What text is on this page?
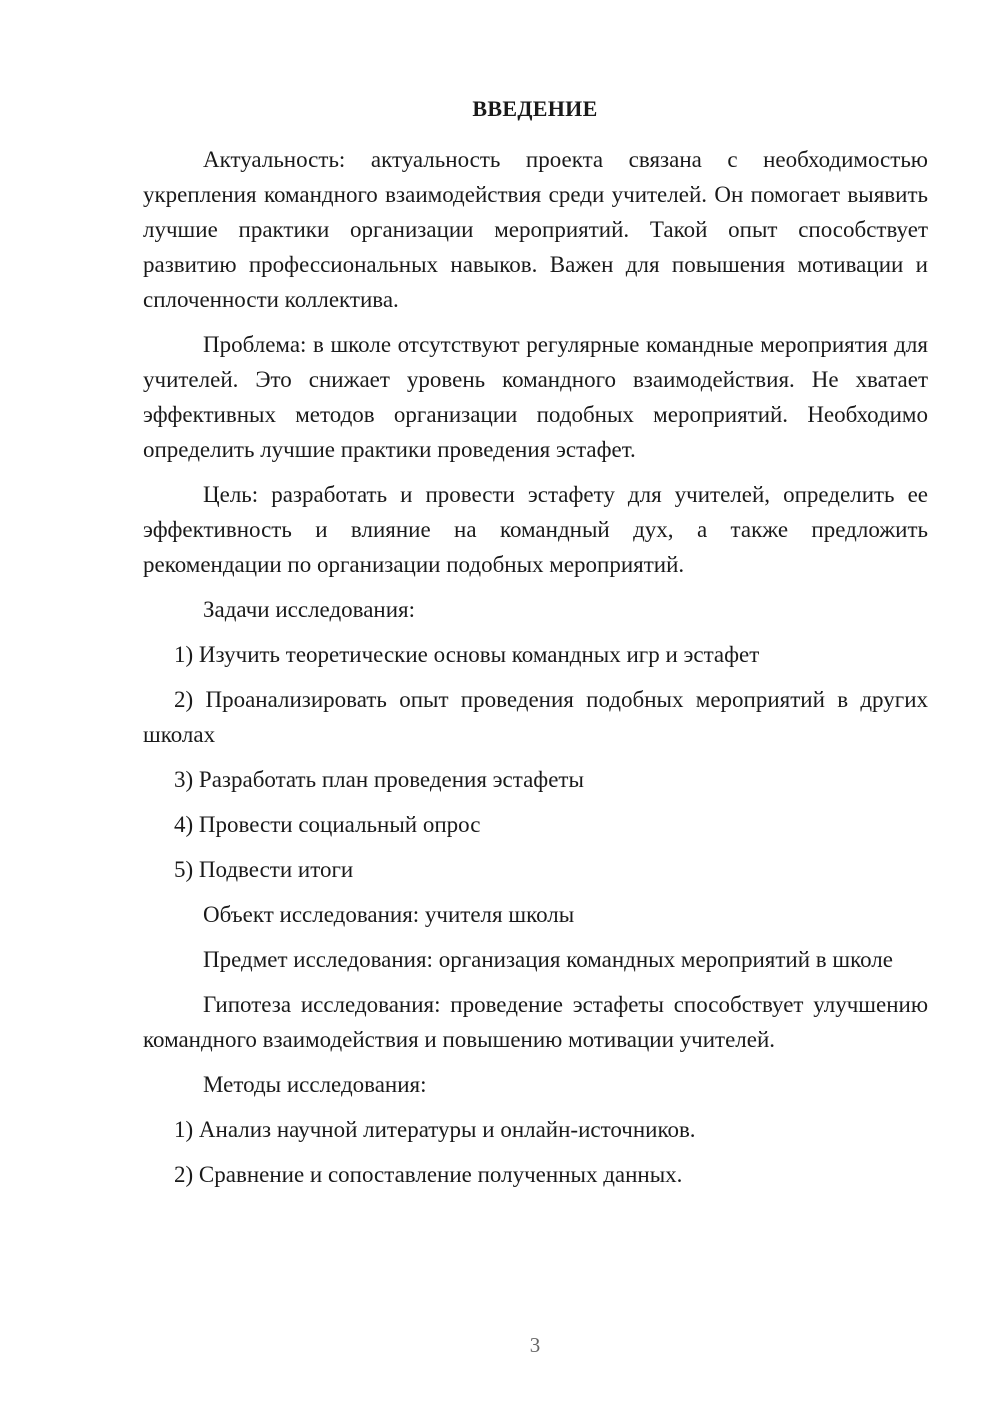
ВВЕДЕНИЕ

Актуальность: актуальность проекта связана с необходимостью укрепления командного взаимодействия среди учителей. Он помогает выявить лучшие практики организации мероприятий. Такой опыт способствует развитию профессиональных навыков. Важен для повышения мотивации и сплоченности коллектива.

Проблема: в школе отсутствуют регулярные командные мероприятия для учителей. Это снижает уровень командного взаимодействия. Не хватает эффективных методов организации подобных мероприятий. Необходимо определить лучшие практики проведения эстафет.

Цель: разработать и провести эстафету для учителей, определить ее эффективность и влияние на командный дух, а также предложить рекомендации по организации подобных мероприятий.

Задачи исследования:

1) Изучить теоретические основы командных игр и эстафет

2) Проанализировать опыт проведения подобных мероприятий в других школах

3) Разработать план проведения эстафеты

4) Провести социальный опрос

5) Подвести итоги

Объект исследования: учителя школы

Предмет исследования: организация командных мероприятий в школе

Гипотеза исследования: проведение эстафеты способствует улучшению командного взаимодействия и повышению мотивации учителей.

Методы исследования:

1) Анализ научной литературы и онлайн-источников.

2) Сравнение и сопоставление полученных данных.

3
